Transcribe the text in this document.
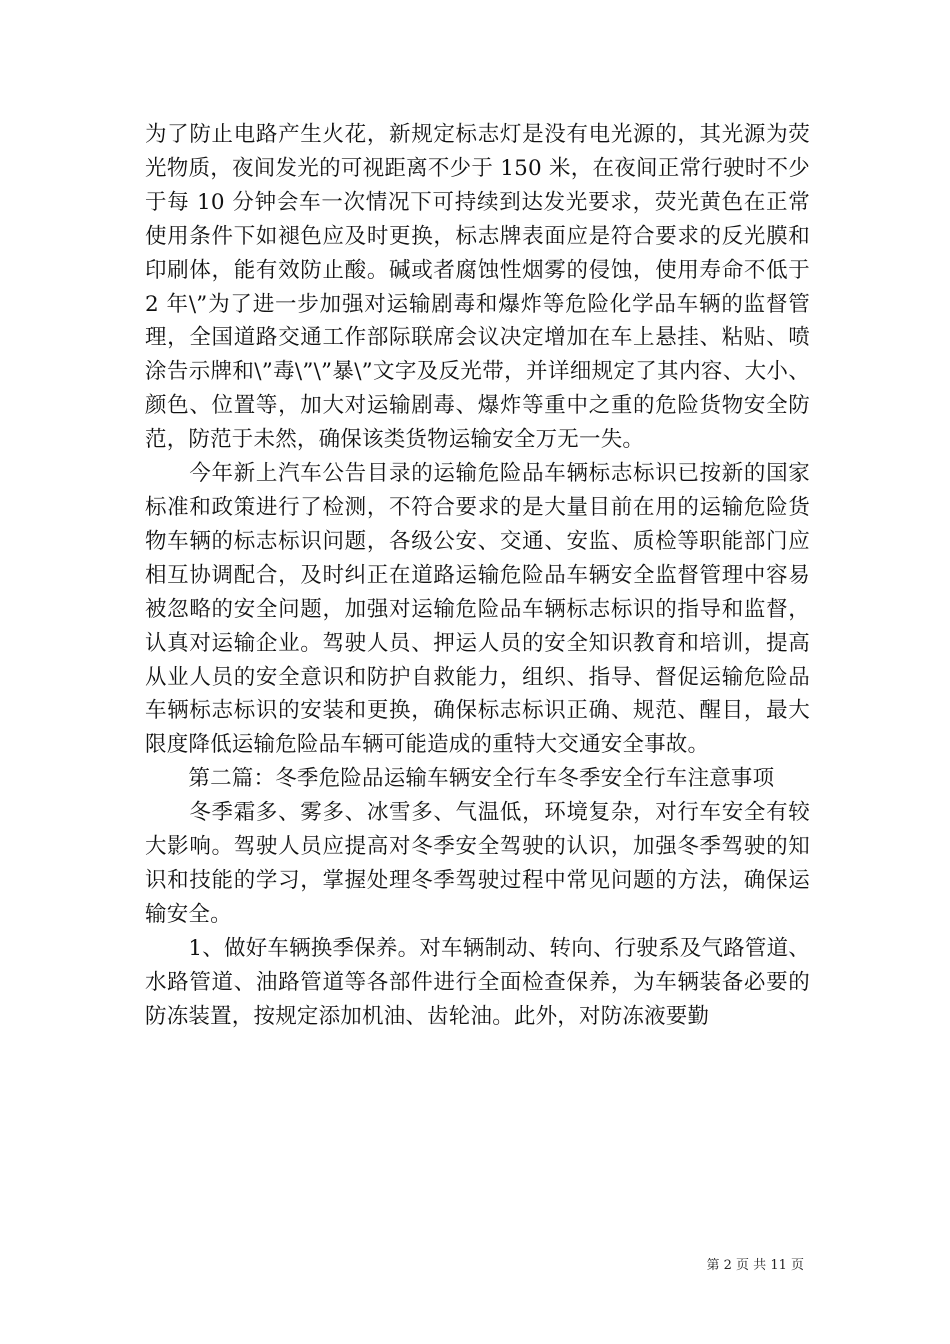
为了防止电路产生火花，新规定标志灯是没有电光源的，其光源为荧光物质，夜间发光的可视距离不少于 150 米，在夜间正常行驶时不少于每 10 分钟会车一次情况下可持续到达发光要求，荧光黄色在正常使用条件下如褪色应及时更换，标志牌表面应是符合要求的反光膜和印刷体，能有效防止酸。碱或者腐蚀性烟雾的侵蚀，使用寿命不低于 2 年\”为了进一步加强对运输剧毒和爆炸等危险化学品车辆的监督管理，全国道路交通工作部际联席会议决定增加在车上悬挂、粘贴、喷涂告示牌和\”毒\”\”暴\”文字及反光带，并详细规定了其内容、大小、颜色、位置等，加大对运输剧毒、爆炸等重中之重的危险货物安全防范，防范于未然，确保该类货物运输安全万无一失。

　　今年新上汽车公告目录的运输危险品车辆标志标识已按新的国家标准和政策进行了检测，不符合要求的是大量目前在用的运输危险货物车辆的标志标识问题，各级公安、交通、安监、质检等职能部门应相互协调配合，及时纠正在道路运输危险品车辆安全监督管理中容易被忽略的安全问题，加强对运输危险品车辆标志标识的指导和监督，认真对运输企业。驾驶人员、押运人员的安全知识教育和培训，提高从业人员的安全意识和防护自救能力，组织、指导、督促运输危险品车辆标志标识的安装和更换，确保标志标识正确、规范、醒目，最大限度降低运输危险品车辆可能造成的重特大交通安全事故。

　　第二篇：冬季危险品运输车辆安全行车冬季安全行车注意事项

　　冬季霜多、雾多、冰雪多、气温低，环境复杂，对行车安全有较大影响。驾驶人员应提高对冬季安全驾驶的认识，加强冬季驾驶的知识和技能的学习，掌握处理冬季驾驶过程中常见问题的方法，确保运输安全。

　　1、做好车辆换季保养。对车辆制动、转向、行驶系及气路管道、水路管道、油路管道等各部件进行全面检查保养，为车辆装备必要的防冻装置，按规定添加机油、齿轮油。此外，对防冻液要勤

第 2 页 共 11 页
